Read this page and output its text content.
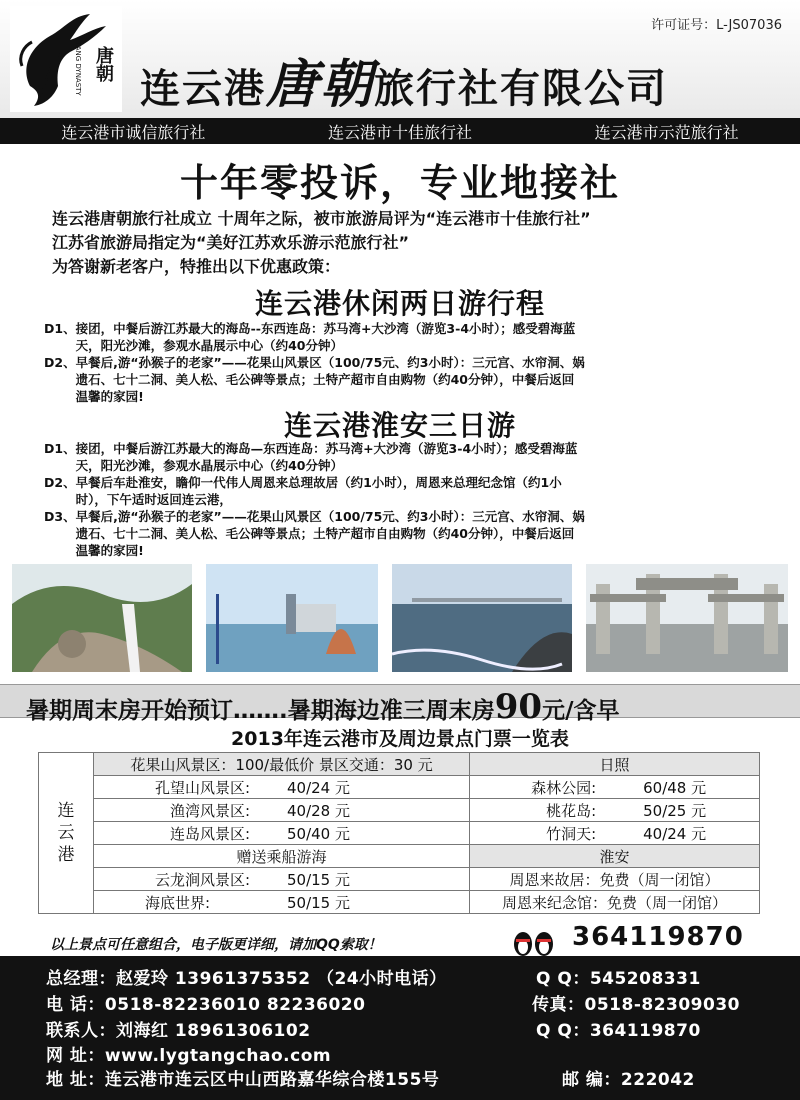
唐朝
TANG DYNASTY
许可证号：L-JS07036
连云港唐朝旅行社有限公司
连云港市诚信旅行社	连云港市十佳旅行社	连云港市示范旅行社
十年零投诉，专业地接社
连云港唐朝旅行社成立 十周年之际，被市旅游局评为“连云港市十佳旅行社”
江苏省旅游局指定为“美好江苏欢乐游示范旅行社”
为答谢新老客户，特推出以下优惠政策：
连云港休闲两日游行程
D1、 接团，中餐后游江苏最大的海岛--东西连岛：苏马湾+大沙湾（游览3-4小时）；感受碧海蓝
天，阳光沙滩，参观水晶展示中心（约40分钟）
D2、 早餐后,游“孙猴子的老家”——花果山风景区（100/75元、约3小时）：三元宫、水帘洞、娲
遗石、七十二洞、美人松、毛公碑等景点；土特产超市自由购物（约40分钟），中餐后返回
温馨的家园!
连云港淮安三日游
D1、 接团，中餐后游江苏最大的海岛—东西连岛：苏马湾+大沙湾（游览3-4小时）；感受碧海蓝
天，阳光沙滩，参观水晶展示中心（约40分钟）
D2、 早餐后车赴淮安，瞻仰一代伟人周恩来总理故居（约1小时），周恩来总理纪念馆（约1小
时），下午适时返回连云港，
D3、 早餐后,游“孙猴子的老家”——花果山风景区（100/75元、约3小时）：三元宫、水帘洞、娲
遗石、七十二洞、美人松、毛公碑等景点；土特产超市自由购物（约40分钟），中餐后返回
温馨的家园!
暑期周末房开始预订…….暑期海边准三周末房90元/含早
2013年连云港市及周边景点门票一览表
连
云
港	花果山风景区：100/最低价 景区交通：30 元	日照
	孔望山风景区: 40/24 元	森林公园: 60/48 元
	渔湾风景区: 40/28 元	桃花岛: 50/25 元
	连岛风景区: 50/40 元	竹洞天: 40/24 元
	赠送乘船游海	淮安
	云龙涧风景区: 50/15 元	周恩来故居：免费（周一闭馆）
	海底世界: 50/15 元	周恩来纪念馆：免费（周一闭馆）
以上景点可任意组合，电子版更详细，请加QQ索取！	364119870
总经理：赵爱玲 13961375352 （24小时电话）	Q Q：545208331
电 话：0518-82236010 82236020	传真：0518-82309030
联系人：刘海红 18961306102	Q Q：364119870
网 址：www.lygtangchao.com
地 址：连云港市连云区中山西路嘉华综合楼155号	邮 编：222042
